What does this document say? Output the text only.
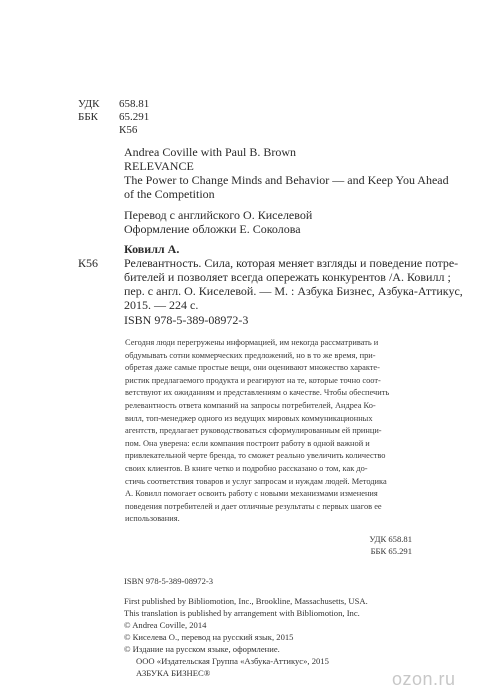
УДК 658.81
ББК 65.291
К56
Andrea Coville with Paul B. Brown
RELEVANCE
The Power to Change Minds and Behavior — and Keep You Ahead
of the Competition
Перевод с английского О. Киселевой
Оформление обложки Е. Соколова
Ковилл А.
К56 Релевантность. Сила, которая меняет взгляды и поведение потре-
бителей и позволяет всегда опережать конкурентов /А. Ковилл ;
пер. с англ. О. Киселевой. — М. : Азбука Бизнес, Азбука-Аттикус,
2015. — 224 с.
ISBN 978-5-389-08972-3
Сегодня люди перегружены информацией, им некогда рассматривать и
обдумывать сотни коммерческих предложений, но в то же время, при-
обретая даже самые простые вещи, они оценивают множество характе-
ристик предлагаемого продукта и реагируют на те, которые точно соот-
ветствуют их ожиданиям и представлениям о качестве. Чтобы обеспечить
релевантность ответа компаний на запросы потребителей, Андреа Ко-
вилл, топ-менеджер одного из ведущих мировых коммуникационных
агентств, предлагает руководствоваться сформулированным ей принци-
пом. Она уверена: если компания построит работу в одной важной и
привлекательной черте бренда, то сможет реально увеличить количество
своих клиентов. В книге четко и подробно рассказано о том, как до-
стичь соответствия товаров и услуг запросам и нуждам людей. Методика
А. Ковилл помогает освоить работу с новыми механизмами изменения
поведения потребителей и дает отличные результаты с первых шагов ее
использования.
УДК 658.81
ББК 65.291
ISBN 978-5-389-08972-3
First published by Bibliomotion, Inc., Brookline, Massachusetts, USA.
This translation is published by arrangement with Bibliomotion, Inc.
© Andrea Coville, 2014
© Киселева О., перевод на русский язык, 2015
© Издание на русском языке, оформление.
ООО «Издательская Группа «Азбука-Аттикус», 2015
АЗБУКА БИЗНЕС®	ozon.ru
